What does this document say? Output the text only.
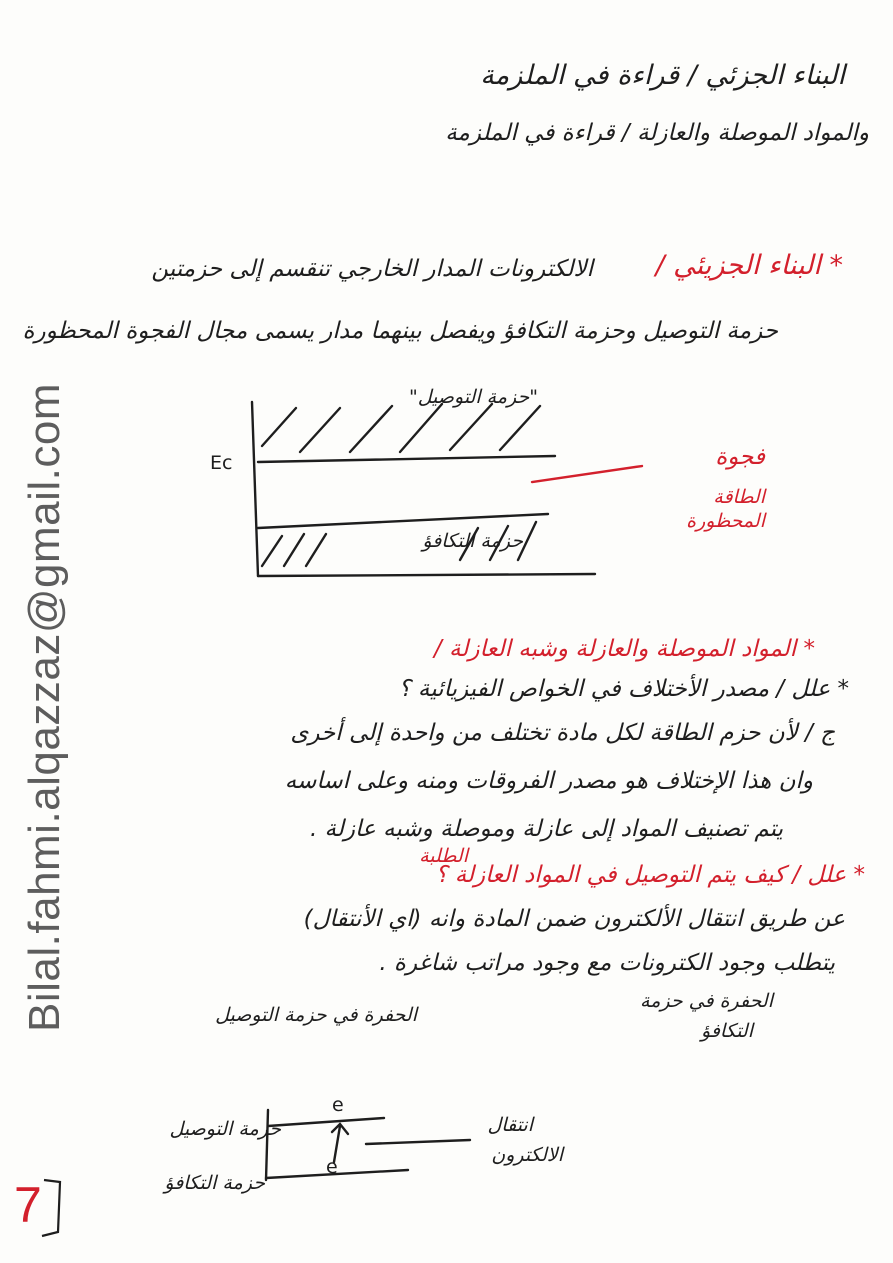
البناء الجزئي / قراءة في الملزمة
والمواد الموصلة والعازلة / قراءة في الملزمة
* البناء الجزيئي /
الالكترونات المدار الخارجي تنقسم إلى حزمتين
حزمة التوصيل وحزمة التكافؤ ويفصل بينهما مدار يسمى مجال الفجوة المحظورة
"حزمة التوصيل"
Ec
حزمة التكافؤ
فجوة
الطاقة
المحظورة
* المواد الموصلة والعازلة وشبه العازلة /
* علل / مصدر الأختلاف في الخواص الفيزيائية ؟
ج / لأن حزم الطاقة لكل مادة تختلف من واحدة إلى أخرى
وان هذا الإختلاف هو مصدر الفروقات ومنه وعلى اساسه
يتم تصنيف المواد إلى عازلة وموصلة وشبه عازلة .
الطلبة
* علل / كيف يتم التوصيل في المواد العازلة ؟
عن طريق انتقال الألكترون ضمن المادة وانه (اي الأنتقال)
يتطلب وجود الكترونات مع وجود مراتب شاغرة .
الحفرة في حزمة التوصيل
الحفرة في حزمة
التكافؤ
حزمة التوصيل
حزمة التكافؤ
e
e
انتقال
الالكترون
Bilal.fahmi.alqazzaz@gmail.com
7
